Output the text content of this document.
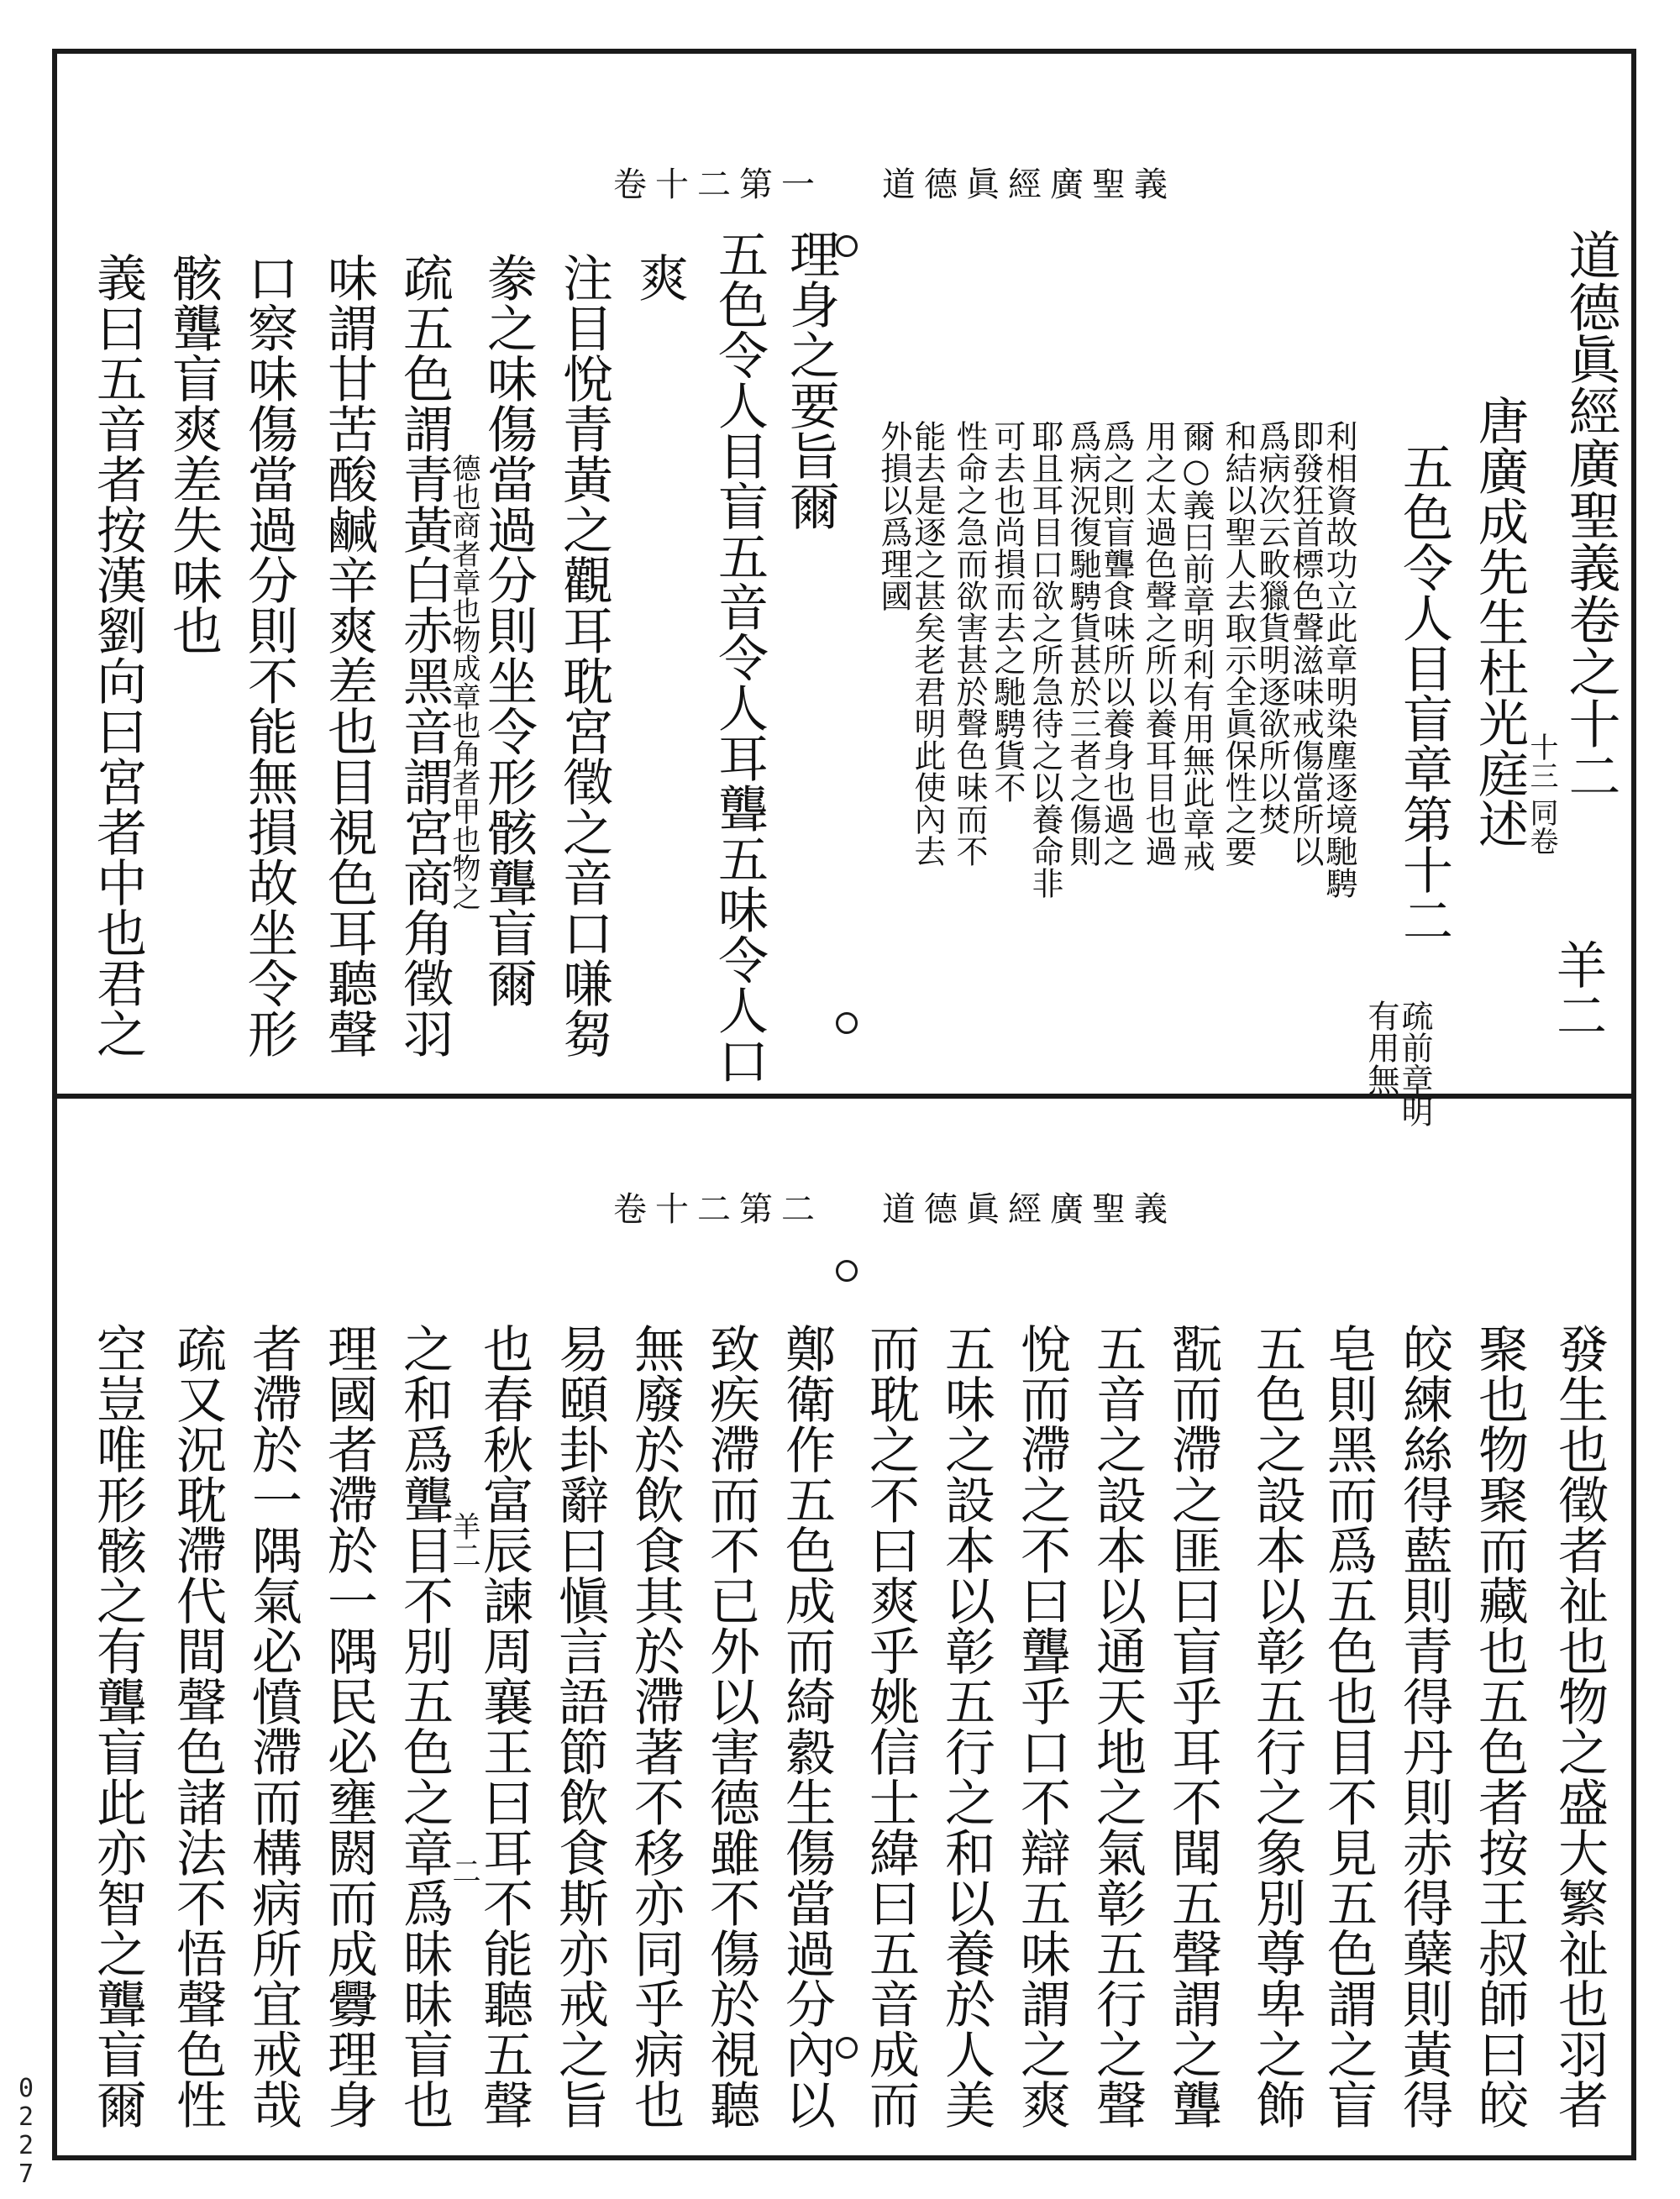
道德眞經廣聖義
卷十二第一
道德眞經廣聖義
卷十二第二
道德眞經廣聖義卷之十二
同卷
十三
羊二
唐廣成先生杜光庭述
五色令人目盲章第十二
疏前章明
有用無
利相資故功立此章明染塵逐境馳騁
即發狂首標色聲滋味戒傷當所以
爲病次云畋獵貨明逐欲所以焚
和結以聖人去取示全眞保性之要
爾○義曰前章明利有用無此章戒
用之太過色聲之所以養耳目也過
爲之則盲聾食味所以養身也過之
爲病況復馳騁貨甚於三者之傷則
耶且耳目口欲之所急待之以養命非
可去也尚損而去之馳騁貨不
性命之急而欲害甚於聲色味而不
能去是逐之甚矣老君明此使內去
外損以爲理國
理身之要旨爾
五色令人目盲五音令人耳聾五味令人口
爽
注目悅青黃之觀耳耽宮徵之音口嗛芻
豢之味傷當過分則坐令形骸聾盲爾
疏五色謂青黃白赤黑音謂宮商角徵羽
味謂甘苦酸鹹辛爽差也目視色耳聽聲
口察味傷當過分則不能無損故坐令形
骸聾盲爽差失味也
義曰五音者按漢劉向曰宮者中也君之	德也商者章也物成章也角者甲也物之
發生也徵者祉也物之盛大繁祉也羽者
聚也物聚而藏也五色者按王叔師曰皎
皎練絲得藍則青得丹則赤得蘖則黃得
皂則黑而爲五色也目不見五色謂之盲
五色之設本以彰五行之象別尊卑之飾
翫而滯之匪曰盲乎耳不聞五聲謂之聾
五音之設本以通天地之氣彰五行之聲
悅而滯之不曰聾乎口不辯五味謂之爽
五味之設本以彰五行之和以養於人美
而耽之不曰爽乎姚信士緯曰五音成而
鄭衛作五色成而綺縠生傷當過分內以
致疾滯而不已外以害德雖不傷於視聽
無廢於飲食其於滯著不移亦同乎病也
易頤卦辭曰愼言語節飲食斯亦戒之旨
也春秋富辰諫周襄王曰耳不能聽五聲
之和爲聾目不別五色之章爲昧昧盲也
理國者滯於一隅民必壅閼而成釁理身
者滯於一隅氣必憤滯而構病所宜戒哉
疏又況耽滯代間聲色諸法不悟聲色性
空豈唯形骸之有聾盲此亦智之聾盲爾	羊二
二
0
2
2
7
